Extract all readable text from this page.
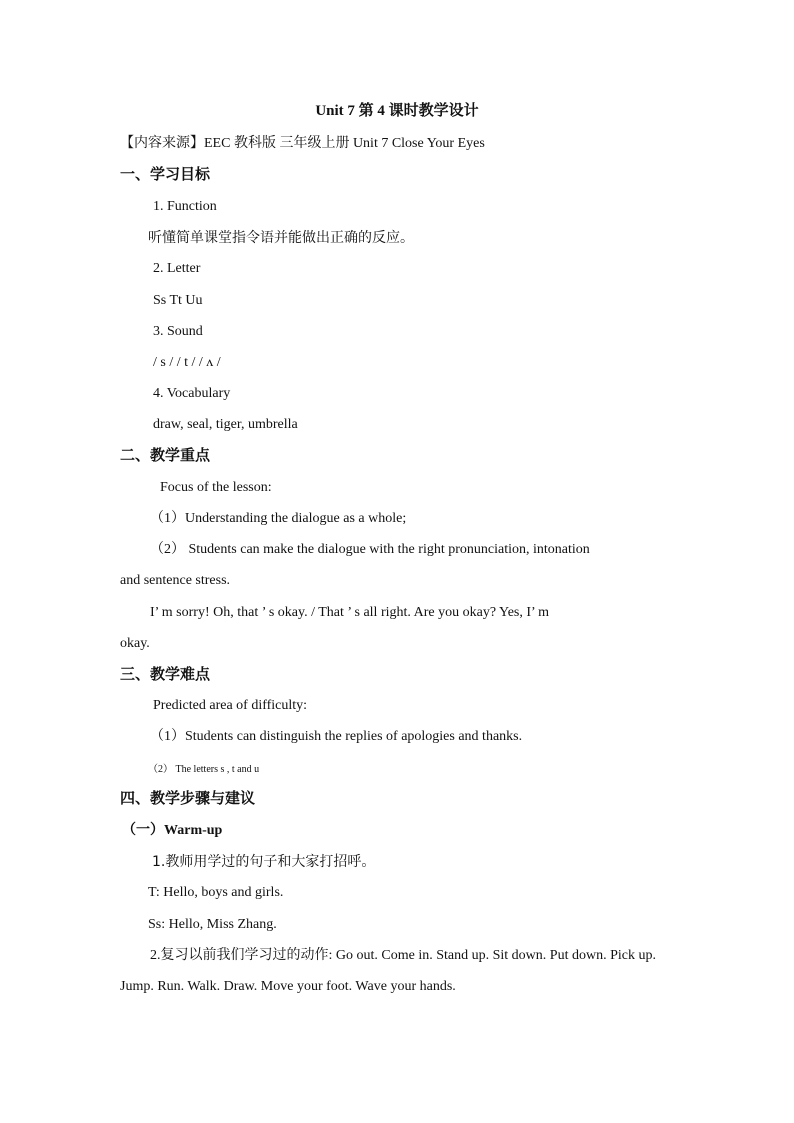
Unit 7 第 4 课时教学设计
【内容来源】EEC 教科版 三年级上册 Unit 7 Close Your Eyes
一、学习目标
1. Function
听懂简单课堂指令语并能做出正确的反应。
2. Letter
Ss Tt Uu
3. Sound
/ s / / t / / ʌ /
4. Vocabulary
draw, seal, tiger, umbrella
二、教学重点
Focus of the lesson:
（1）Understanding the dialogue as a whole;
（2） Students can make the dialogue with the right pronunciation, intonation
and sentence stress.
I’ m sorry! Oh, that ’ s okay. / That ’ s all right. Are you okay? Yes, I’ m
okay.
三、教学难点
Predicted area of difficulty:
（1）Students can distinguish the replies of apologies and thanks.
（2） The letters s , t and u
四、教学步骤与建议
（一）Warm-up
1.教师用学过的句子和大家打招呼。
T: Hello, boys and girls.
Ss: Hello, Miss Zhang.
2.复习以前我们学习过的动作: Go out. Come in. Stand up. Sit down. Put down. Pick up.
Jump. Run. Walk. Draw. Move your foot. Wave your hands.
